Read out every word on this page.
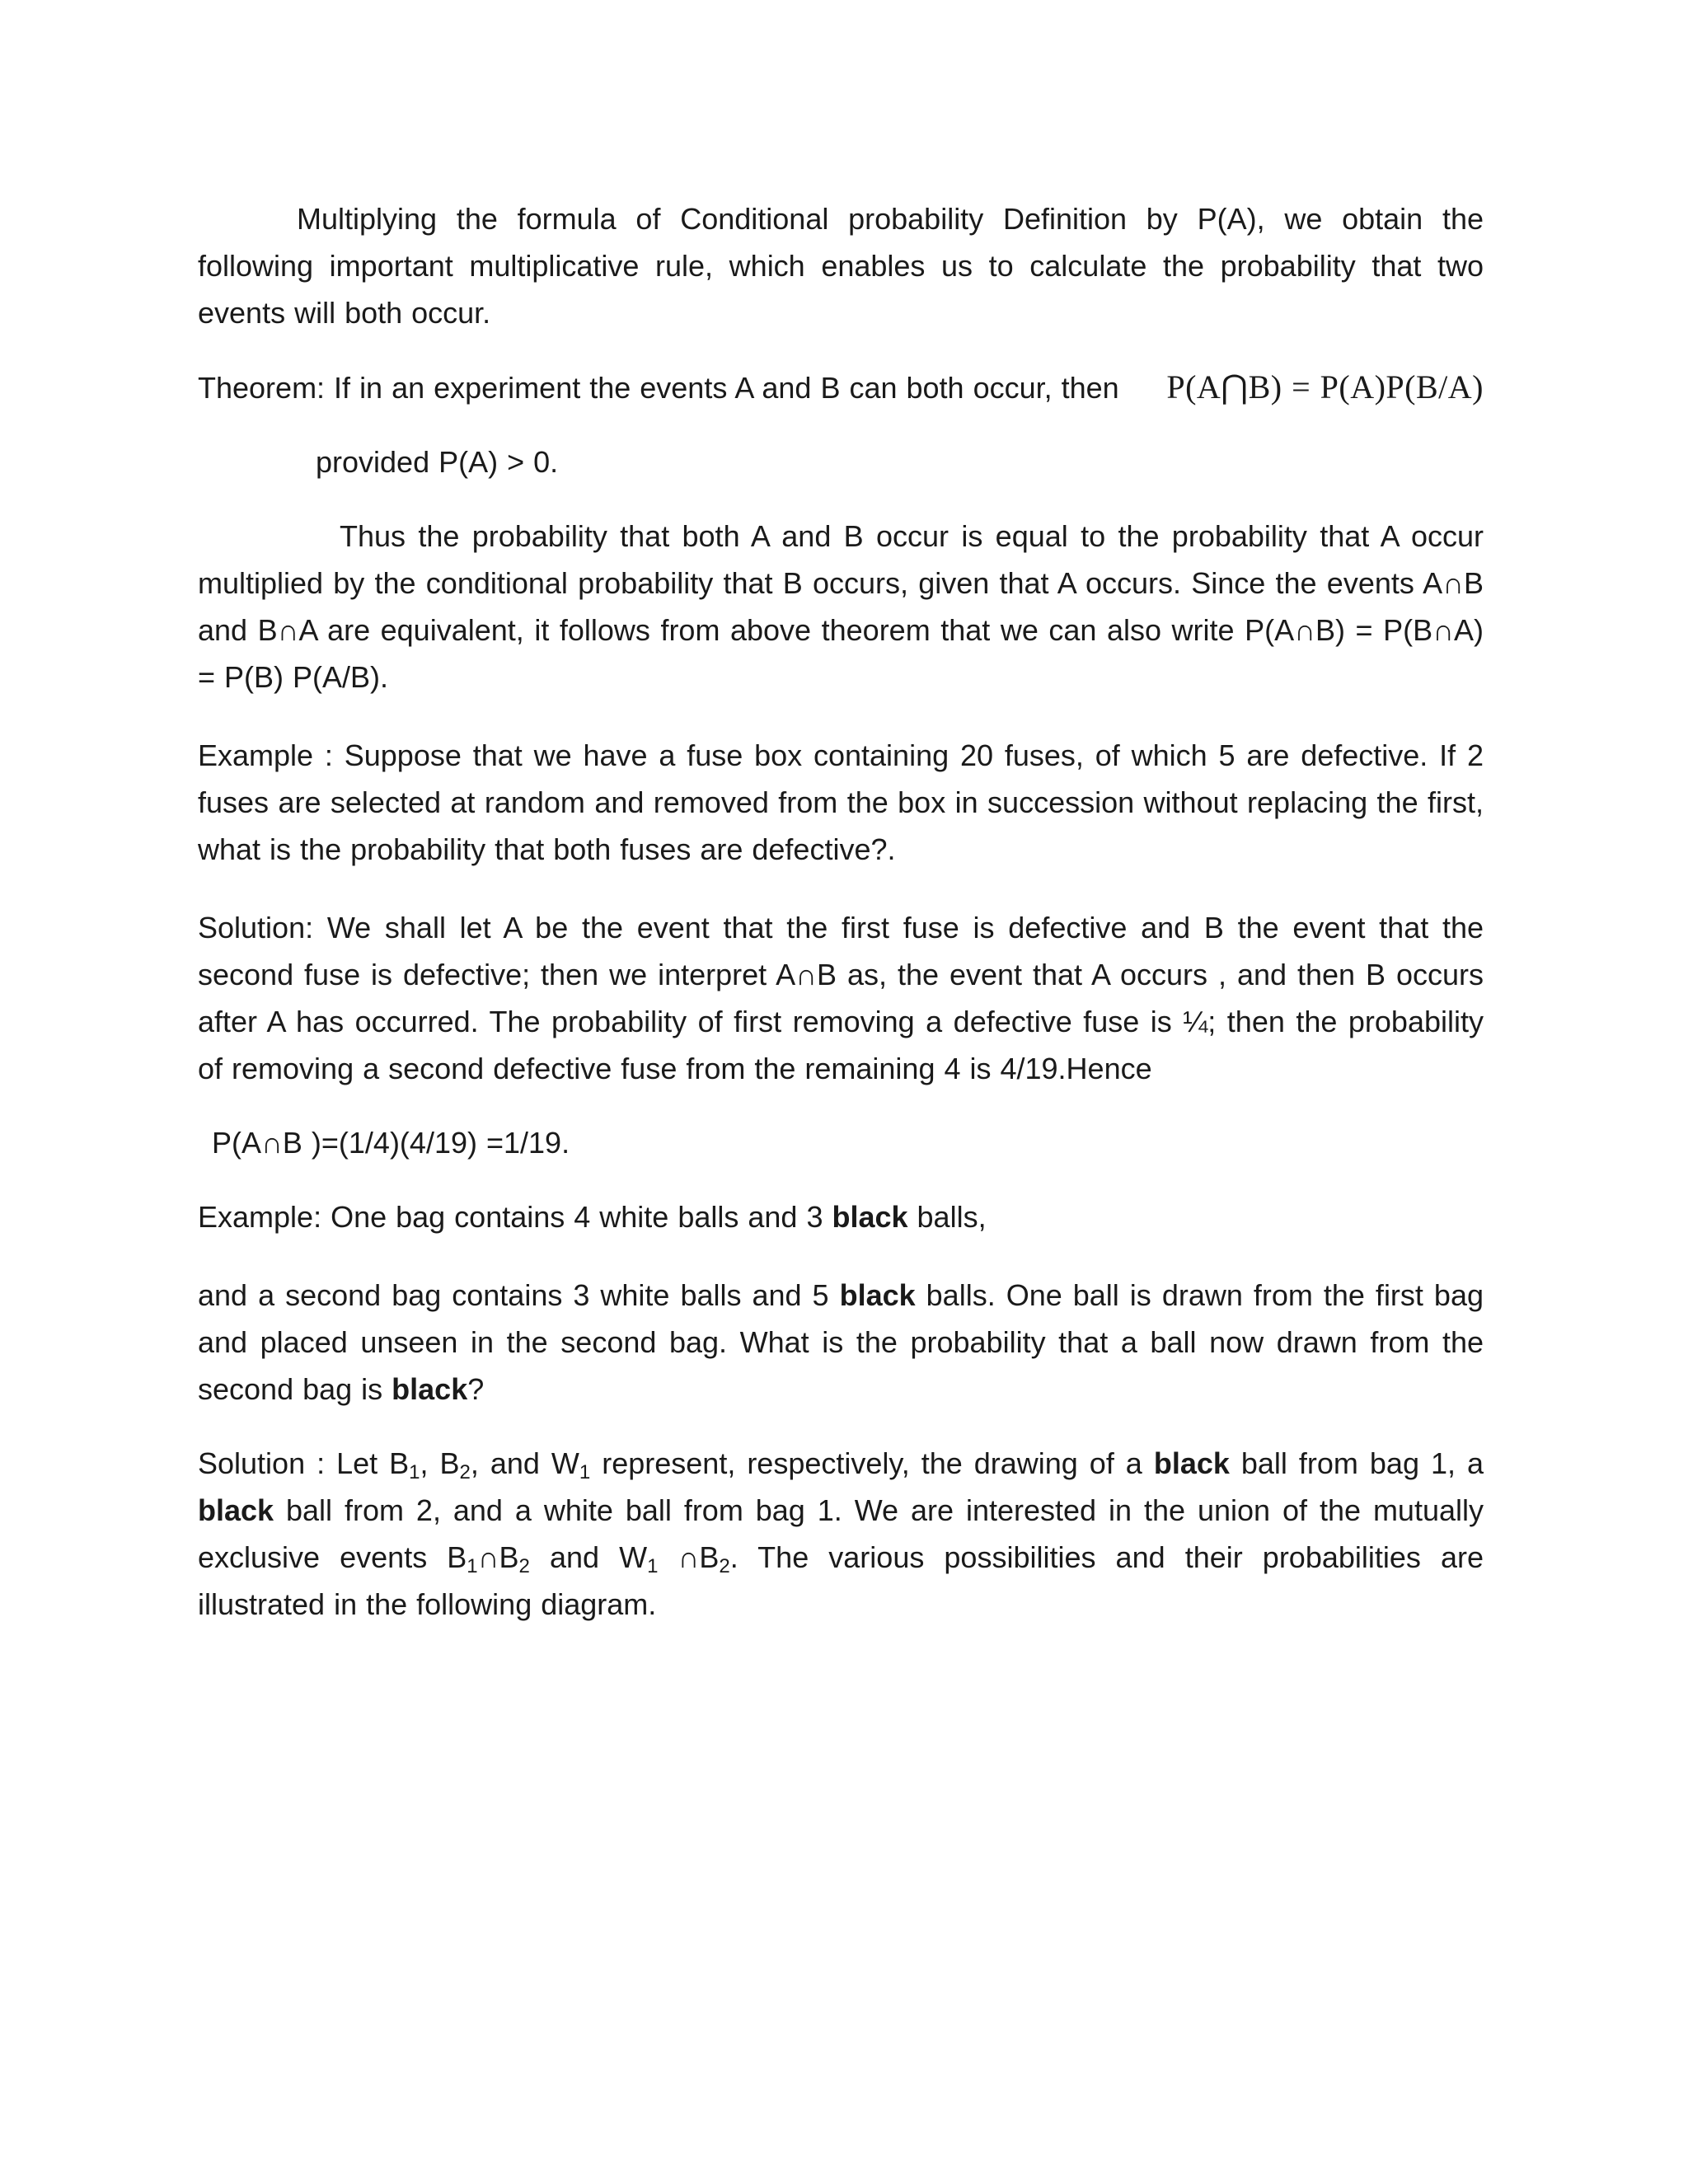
Multiplying the formula of Conditional probability Definition by P(A), we obtain the following important multiplicative rule, which enables us to calculate the probability that two events will both occur.

Theorem: If in an experiment the events A and B can both occur, then P(A⋂B) = P(A)P(B/A)

provided P(A) > 0.

Thus the probability that both A and B occur is equal to the probability that A occur multiplied by the conditional probability that B occurs, given that A occurs. Since the events A∩B and B∩A are equivalent, it follows from above theorem that we can also write P(A∩B) = P(B∩A) = P(B) P(A/B).

Example : Suppose that we have a fuse box containing 20 fuses, of which 5 are defective. If 2 fuses are selected at random and removed from the box in succession without replacing the first, what is the probability that both fuses are defective?.

Solution: We shall let A be the event that the first fuse is defective and B the event that the second fuse is defective; then we interpret A∩B as, the event that A occurs , and then B occurs after A has occurred. The probability of first removing a defective fuse is ¼; then the probability of removing a second defective fuse from the remaining 4 is 4/19.Hence

P(A∩B )=(1/4)(4/19) =1/19.

Example: One bag contains 4 white balls and 3 black balls,

and a second bag contains 3 white balls and 5 black balls. One ball is drawn from the first bag and placed unseen in the second bag. What is the probability that a ball now drawn from the second bag is black?

Solution : Let $B_1$, $B_2$, and $W_1$ represent, respectively, the drawing of a black ball from bag 1, a black ball from 2, and a white ball from bag 1. We are interested in the union of the mutually exclusive events $B_1\cap B_2$ and $W_1$ $\cap B_2$. The various possibilities and their probabilities are illustrated in the following diagram.
